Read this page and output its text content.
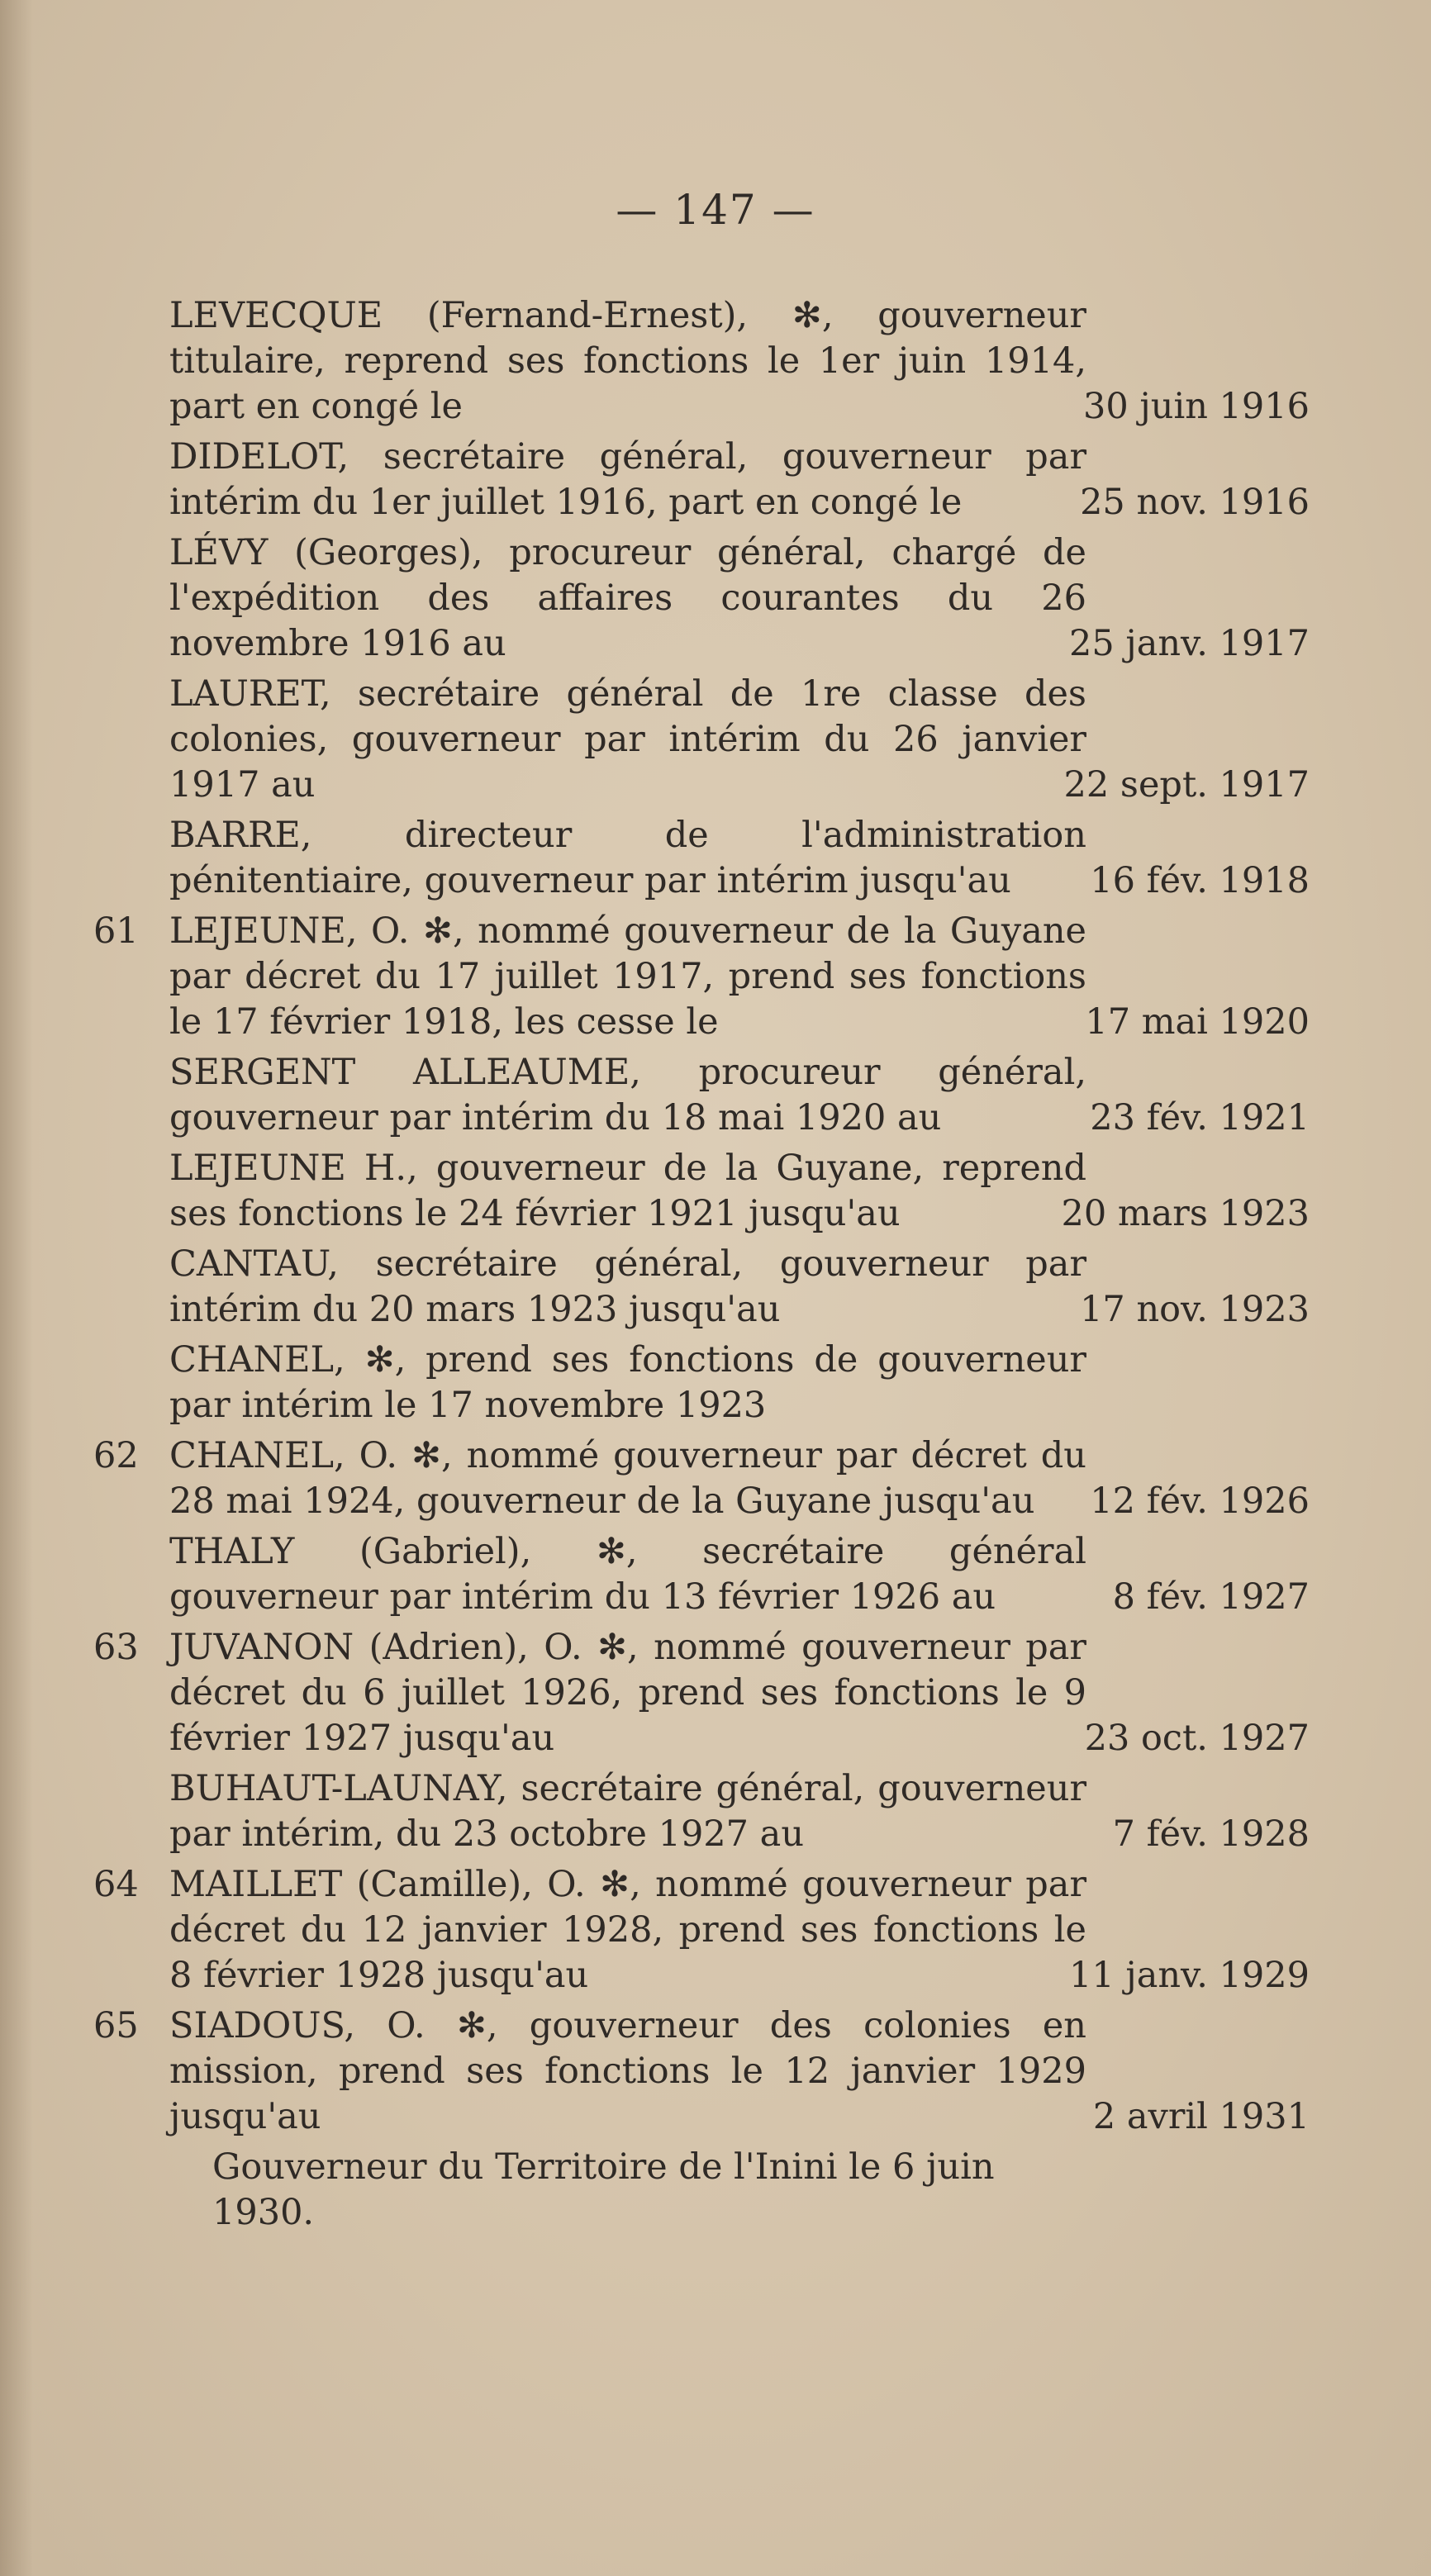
— 147 —
LEVECQUE (Fernand-Ernest), ✻, gouverneur titulaire, reprend ses fonctions le 1er juin 1914, part en congé le	30 juin 1916
DIDELOT, secrétaire général, gouverneur par intérim du 1er juillet 1916, part en congé le	25 nov. 1916
LÉVY (Georges), procureur général, chargé de l'expédition des affaires courantes du 26 novembre 1916 au	25 janv. 1917
LAURET, secrétaire général de 1re classe des colonies, gouverneur par intérim du 26 janvier 1917 au	22 sept. 1917
BARRE, directeur de l'administration pénitentiaire, gouverneur par intérim jusqu'au	16 fév. 1918
61 LEJEUNE, O. ✻, nommé gouverneur de la Guyane par décret du 17 juillet 1917, prend ses fonctions le 17 février 1918, les cesse le	17 mai 1920
SERGENT ALLEAUME, procureur général, gouverneur par intérim du 18 mai 1920 au	23 fév. 1921
LEJEUNE H., gouverneur de la Guyane, reprend ses fonctions le 24 février 1921 jusqu'au	20 mars 1923
CANTAU, secrétaire général, gouverneur par intérim du 20 mars 1923 jusqu'au	17 nov. 1923
CHANEL, ✻, prend ses fonctions de gouverneur par intérim le 17 novembre 1923
62 CHANEL, O. ✻, nommé gouverneur par décret du 28 mai 1924, gouverneur de la Guyane jusqu'au	12 fév. 1926
THALY (Gabriel), ✻, secrétaire général gouverneur par intérim du 13 février 1926 au	8 fév. 1927
63 JUVANON (Adrien), O. ✻, nommé gouverneur par décret du 6 juillet 1926, prend ses fonctions le 9 février 1927 jusqu'au	23 oct. 1927
BUHAUT-LAUNAY, secrétaire général, gouverneur par intérim, du 23 octobre 1927 au	7 fév. 1928
64 MAILLET (Camille), O. ✻, nommé gouverneur par décret du 12 janvier 1928, prend ses fonctions le 8 février 1928 jusqu'au	11 janv. 1929
65 SIADOUS, O. ✻, gouverneur des colonies en mission, prend ses fonctions le 12 janvier 1929 jusqu'au	2 avril 1931
Gouverneur du Territoire de l'Inini le 6 juin 1930.
